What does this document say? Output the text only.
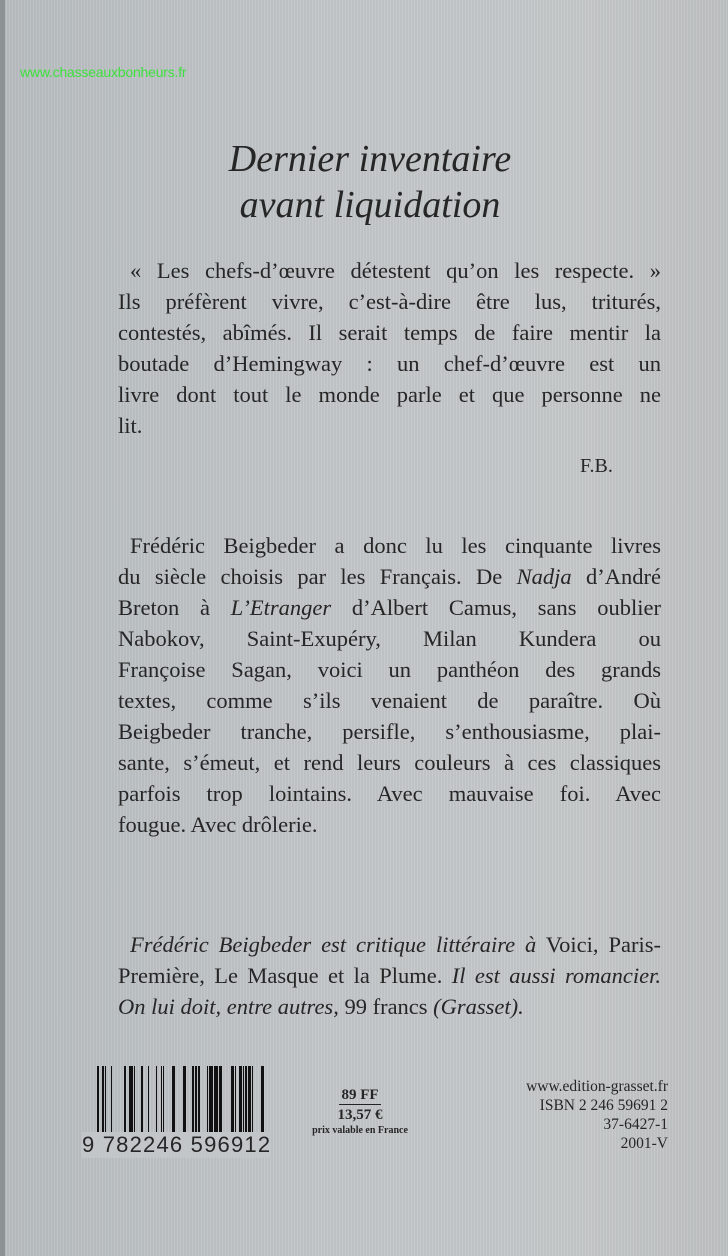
www.chasseauxbonheurs.fr
Dernier inventaire
avant liquidation
« Les chefs-d’œuvre détestent qu’on les respecte. »
Ils préfèrent vivre, c’est-à-dire être lus, triturés,
contestés, abîmés. Il serait temps de faire mentir la
boutade d’Hemingway : un chef-d’œuvre est un
livre dont tout le monde parle et que personne ne
lit.
F.B.
Frédéric Beigbeder a donc lu les cinquante livres
du siècle choisis par les Français. De Nadja d’André
Breton à L’Etranger d’Albert Camus, sans oublier
Nabokov, Saint-Exupéry, Milan Kundera ou
Françoise Sagan, voici un panthéon des grands
textes, comme s’ils venaient de paraître. Où
Beigbeder tranche, persifle, s’enthousiasme, plai-
sante, s’émeut, et rend leurs couleurs à ces classiques
parfois trop lointains. Avec mauvaise foi. Avec
fougue. Avec drôlerie.
Frédéric Beigbeder est critique littéraire à Voici, Paris-
Première, Le Masque et la Plume. Il est aussi romancier.
On lui doit, entre autres, 99 francs (Grasset).
9 782246 596912
89 FF
13,57 €
prix valable en France
www.edition-grasset.fr
ISBN 2 246 59691 2
37-6427-1
2001-V
